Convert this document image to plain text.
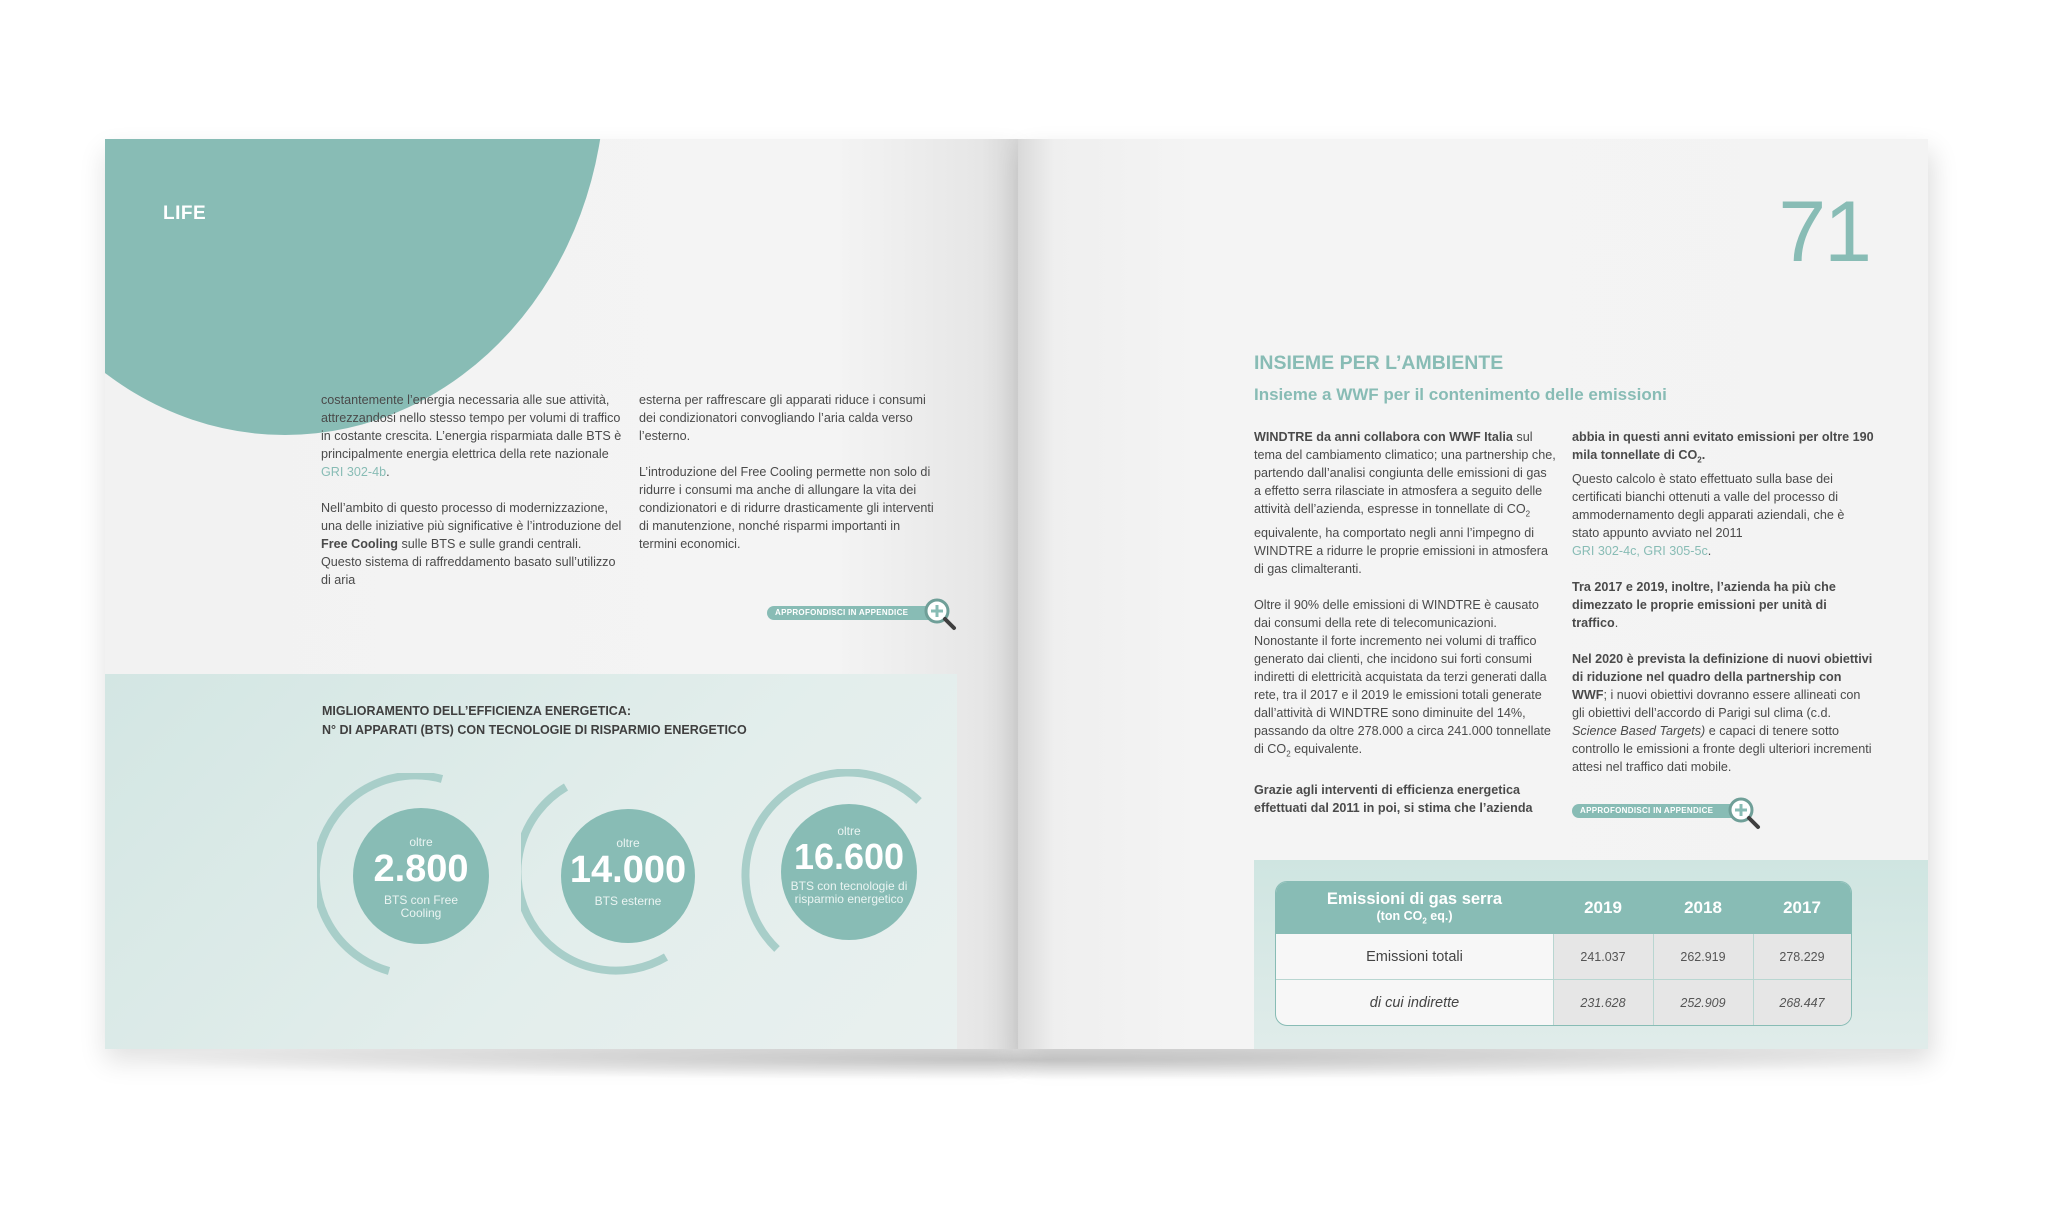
LIFE

costantemente l’energia necessaria alle sue attività, attrezzandosi nello stesso tempo per volumi di traffico in costante crescita. L’energia risparmiata dalle BTS è principalmente energia elettrica della rete nazionale GRI 302-4b.

Nell’ambito di questo processo di modernizzazione, una delle iniziative più significative è l’introduzione del Free Cooling sulle BTS e sulle grandi centrali. Questo sistema di raffreddamento basato sull’utilizzo di aria

esterna per raffrescare gli apparati riduce i consumi dei condizionatori convogliando l’aria calda verso l’esterno.

L’introduzione del Free Cooling permette non solo di ridurre i consumi ma anche di allungare la vita dei condizionatori e di ridurre drasticamente gli interventi di manutenzione, nonché risparmi importanti in termini economici.

APPROFONDISCI IN APPENDICE
MIGLIORAMENTO DELL’EFFICIENZA ENERGETICA:
N° DI APPARATI (BTS) CON TECNOLOGIE DI RISPARMIO ENERGETICO
oltre
2.800
BTS con Free Cooling
oltre
14.000
BTS esterne
oltre
16.600
BTS con tecnologie di risparmio energetico
71
INSIEME PER L’AMBIENTE
Insieme a WWF per il contenimento delle emissioni

WINDTRE da anni collabora con WWF Italia sul tema del cambiamento climatico; una partnership che, partendo dall’analisi congiunta delle emissioni di gas a effetto serra rilasciate in atmosfera a seguito delle attività dell’azienda, espresse in tonnellate di $CO_2$ equivalente, ha comportato negli anni l’impegno di WINDTRE a ridurre le proprie emissioni in atmosfera di gas climalteranti.

Oltre il 90% delle emissioni di WINDTRE è causato dai consumi della rete di telecomunicazioni. Nonostante il forte incremento nei volumi di traffico generato dai clienti, che incidono sui forti consumi indiretti di elettricità acquistata da terzi generati dalla rete, tra il 2017 e il 2019 le emissioni totali generate dall’attività di WINDTRE sono diminuite del 14%, passando da oltre 278.000 a circa 241.000 tonnellate di $CO_2$ equivalente.

Grazie agli interventi di efficienza energetica effettuati dal 2011 in poi, si stima che l’azienda

abbia in questi anni evitato emissioni per oltre 190 mila tonnellate di $CO_2$.
Questo calcolo è stato effettuato sulla base dei certificati bianchi ottenuti a valle del processo di ammodernamento degli apparati aziendali, che è stato appunto avviato nel 2011
GRI 302-4c, GRI 305-5c.

Tra 2017 e 2019, inoltre, l’azienda ha più che dimezzato le proprie emissioni per unità di traffico.

Nel 2020 è prevista la definizione di nuovi obiettivi di riduzione nel quadro della partnership con WWF; i nuovi obiettivi dovranno essere allineati con gli obiettivi dell’accordo di Parigi sul clima (c.d. Science Based Targets) e capaci di tenere sotto controllo le emissioni a fronte degli ulteriori incrementi attesi nel traffico dati mobile.

APPROFONDISCI IN APPENDICE
Emissioni di gas serra
(ton $CO_2$ eq.)	2019	2018	2017
Emissioni totali	241.037	262.919	278.229
di cui indirette	231.628	252.909	268.447
